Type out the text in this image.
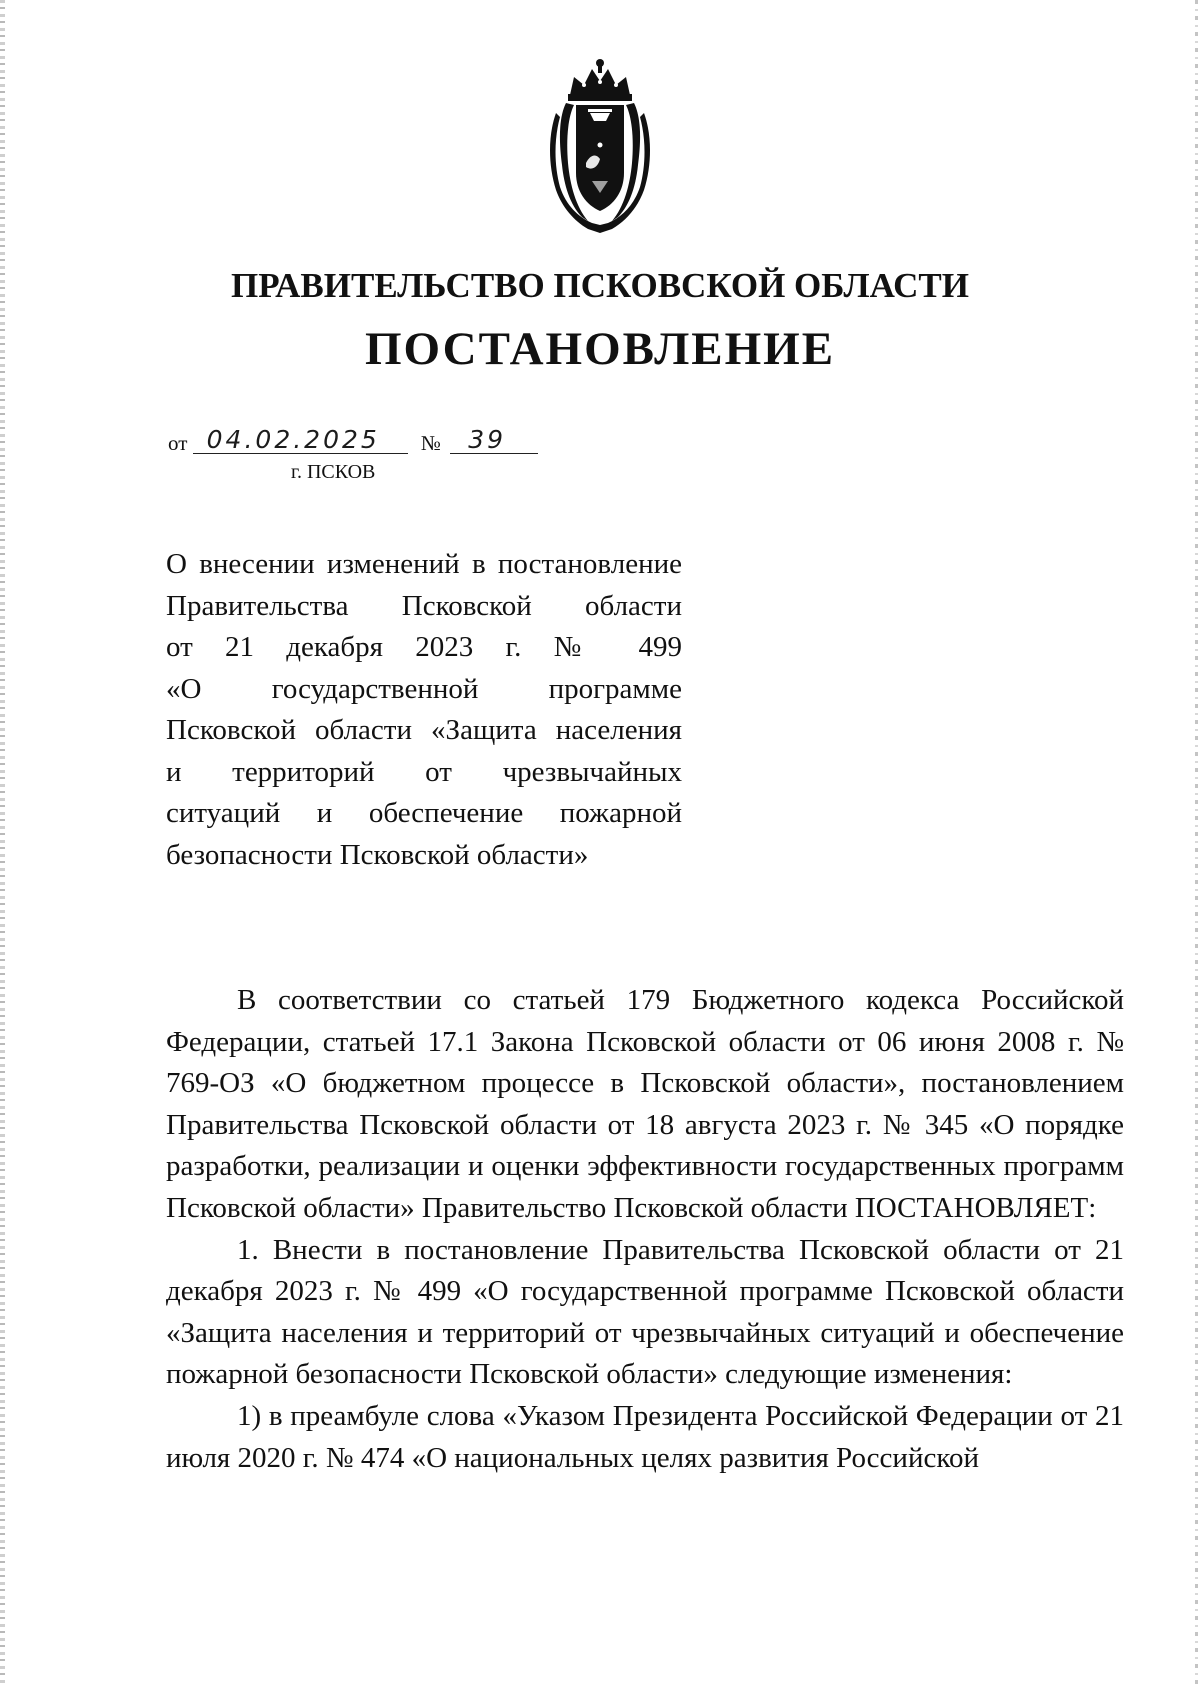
ПРАВИТЕЛЬСТВО ПСКОВСКОЙ ОБЛАСТИ
ПОСТАНОВЛЕНИЕ
от 04.02.2025 № 39
г. ПСКОВ
О внесении изменений в постановление
Правительства Псковской области
от 21 декабря 2023 г. № 499
«О государственной программе
Псковской области «Защита населения
и территорий от чрезвычайных
ситуаций и обеспечение пожарной
безопасности Псковской области»

В соответствии со статьей 179 Бюджетного кодекса Российской Федерации, статьей 17.1 Закона Псковской области от 06 июня 2008 г. № 769-ОЗ «О бюджетном процессе в Псковской области», постановлением Правительства Псковской области от 18 августа 2023 г. № 345 «О порядке разработки, реализации и оценки эффективности государственных программ Псковской области» Правительство Псковской области ПОСТАНОВЛЯЕТ:

1. Внести в постановление Правительства Псковской области от 21 декабря 2023 г. № 499 «О государственной программе Псковской области «Защита населения и территорий от чрезвычайных ситуаций и обеспечение пожарной безопасности Псковской области» следующие изменения:

1) в преамбуле слова «Указом Президента Российской Федерации от 21 июля 2020 г. № 474 «О национальных целях развития Российской
